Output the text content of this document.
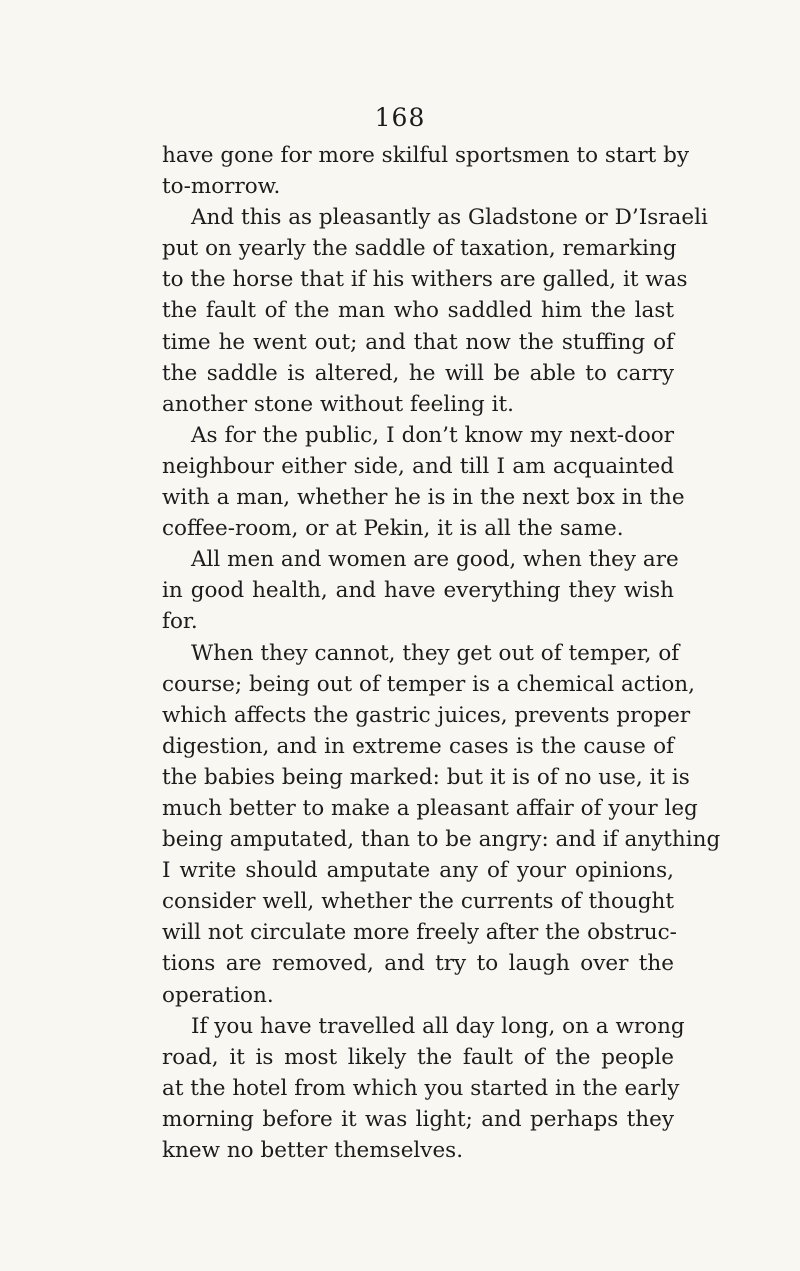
168
have gone for more skilful sportsmen to start by
to-morrow.
And this as pleasantly as Gladstone or D’Israeli
put on yearly the saddle of taxation, remarking
to the horse that if his withers are galled, it was
the fault of the man who saddled him the last
time he went out; and that now the stuffing of
the saddle is altered, he will be able to carry
another stone without feeling it.
As for the public, I don’t know my next-door
neighbour either side, and till I am acquainted
with a man, whether he is in the next box in the
coffee-room, or at Pekin, it is all the same.
All men and women are good, when they are
in good health, and have everything they wish
for.
When they cannot, they get out of temper, of
course; being out of temper is a chemical action,
which affects the gastric juices, prevents proper
digestion, and in extreme cases is the cause of
the babies being marked: but it is of no use, it is
much better to make a pleasant affair of your leg
being amputated, than to be angry: and if anything
I write should amputate any of your opinions,
consider well, whether the currents of thought
will not circulate more freely after the obstruc-
tions are removed, and try to laugh over the
operation.
If you have travelled all day long, on a wrong
road, it is most likely the fault of the people
at the hotel from which you started in the early
morning before it was light; and perhaps they
knew no better themselves.
